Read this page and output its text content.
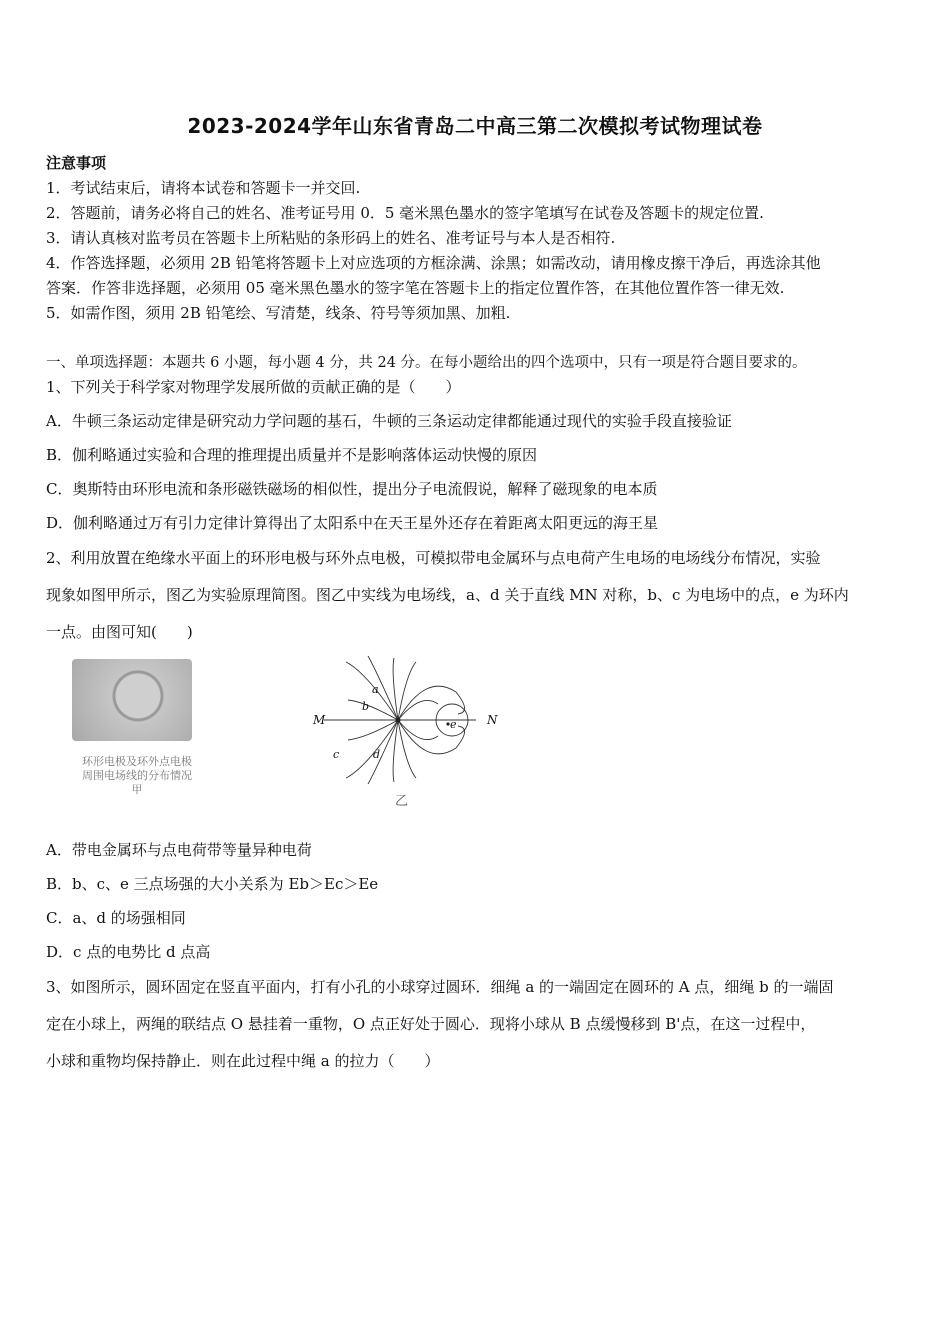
2023-2024学年山东省青岛二中高三第二次模拟考试物理试卷
注意事项
1．考试结束后，请将本试卷和答题卡一并交回.
2．答题前，请务必将自己的姓名、准考证号用 0．5 毫米黑色墨水的签字笔填写在试卷及答题卡的规定位置.
3．请认真核对监考员在答题卡上所粘贴的条形码上的姓名、准考证号与本人是否相符.
4．作答选择题，必须用 2B 铅笔将答题卡上对应选项的方框涂满、涂黑；如需改动，请用橡皮擦干净后，再选涂其他
答案．作答非选择题，必须用 05 毫米黑色墨水的签字笔在答题卡上的指定位置作答，在其他位置作答一律无效.
5．如需作图，须用 2B 铅笔绘、写清楚，线条、符号等须加黑、加粗.
一、单项选择题：本题共 6 小题，每小题 4 分，共 24 分。在每小题给出的四个选项中，只有一项是符合题目要求的。
1、下列关于科学家对物理学发展所做的贡献正确的是（　　）
A．牛顿三条运动定律是研究动力学问题的基石，牛顿的三条运动定律都能通过现代的实验手段直接验证
B．伽利略通过实验和合理的推理提出质量并不是影响落体运动快慢的原因
C．奥斯特由环形电流和条形磁铁磁场的相似性，提出分子电流假说，解释了磁现象的电本质
D．伽利略通过万有引力定律计算得出了太阳系中在天王星外还存在着距离太阳更远的海王星
2、利用放置在绝缘水平面上的环形电极与环外点电极，可模拟带电金属环与点电荷产生电场的电场线分布情况，实验
现象如图甲所示，图乙为实验原理简图。图乙中实线为电场线，a、d 关于直线 MN 对称，b、c 为电场中的点，e 为环内
一点。由图可知(　　)
环形电极及环外点电极
周围电场线的分布情况
甲
M	N
a
b
c	d
e
乙
A．带电金属环与点电荷带等量异种电荷
B．b、c、e 三点场强的大小关系为 Eb＞Ec＞Ee
C．a、d 的场强相同
D．c 点的电势比 d 点高
3、如图所示，圆环固定在竖直平面内，打有小孔的小球穿过圆环．细绳 a 的一端固定在圆环的 A 点，细绳 b 的一端固
定在小球上，两绳的联结点 O 悬挂着一重物，O 点正好处于圆心．现将小球从 B 点缓慢移到 B'点，在这一过程中，
小球和重物均保持静止．则在此过程中绳 a 的拉力（　　）
